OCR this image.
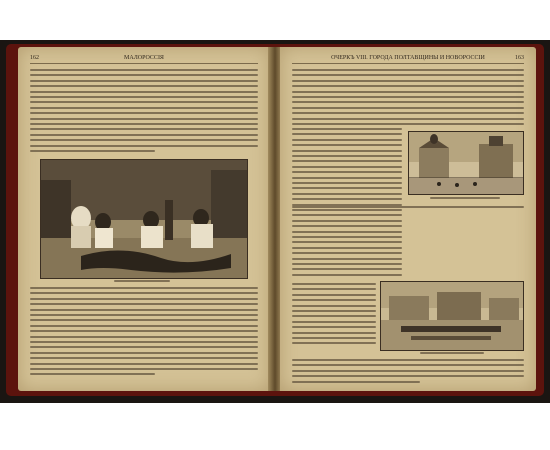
162	МАЛОРОССІЯ	ОЧЕРКЪ VIII. ГОРОДА ПОЛТАВЩИНЫ И НОВОРОССІИ	163
